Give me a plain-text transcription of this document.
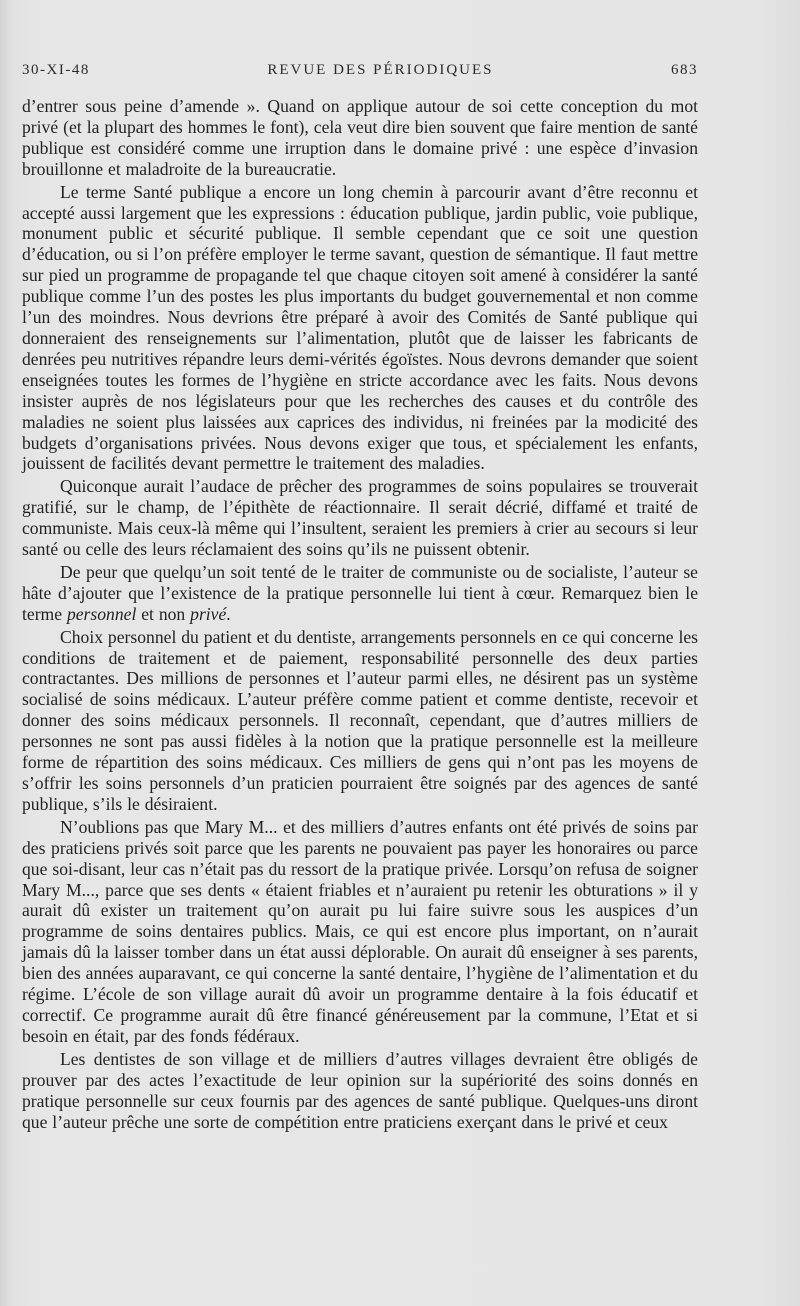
30-XI-48	REVUE DES PÉRIODIQUES	683

d’entrer sous peine d’amende ». Quand on applique autour de soi cette conception du mot privé (et la plupart des hommes le font), cela veut dire bien souvent que faire mention de santé publique est considéré comme une irruption dans le domaine privé : une espèce d’invasion brouillonne et maladroite de la bureaucratie.

Le terme Santé publique a encore un long chemin à parcourir avant d’être reconnu et accepté aussi largement que les expressions : éducation publique, jardin public, voie publique, monument public et sécurité publique. Il semble cependant que ce soit une question d’éducation, ou si l’on préfère employer le terme savant, question de sémantique. Il faut mettre sur pied un programme de propagande tel que chaque citoyen soit amené à considérer la santé publique comme l’un des postes les plus importants du budget gouvernemental et non comme l’un des moindres. Nous devrions être préparé à avoir des Comités de Santé publique qui donneraient des renseignements sur l’alimentation, plutôt que de laisser les fabricants de denrées peu nutritives répandre leurs demi-vérités égoïstes. Nous devrons demander que soient enseignées toutes les formes de l’hygiène en stricte accordance avec les faits. Nous devons insister auprès de nos législateurs pour que les recherches des causes et du contrôle des maladies ne soient plus laissées aux caprices des individus, ni freinées par la modicité des budgets d’organisations privées. Nous devons exiger que tous, et spécialement les enfants, jouissent de facilités devant permettre le traitement des maladies.

Quiconque aurait l’audace de prêcher des programmes de soins populaires se trouverait gratifié, sur le champ, de l’épithète de réactionnaire. Il serait décrié, diffamé et traité de communiste. Mais ceux-là même qui l’insultent, seraient les premiers à crier au secours si leur santé ou celle des leurs réclamaient des soins qu’ils ne puissent obtenir.

De peur que quelqu’un soit tenté de le traiter de communiste ou de socialiste, l’auteur se hâte d’ajouter que l’existence de la pratique personnelle lui tient à cœur. Remarquez bien le terme personnel et non privé.

Choix personnel du patient et du dentiste, arrangements personnels en ce qui concerne les conditions de traitement et de paiement, responsabilité personnelle des deux parties contractantes. Des millions de personnes et l’auteur parmi elles, ne désirent pas un système socialisé de soins médicaux. L’auteur préfère comme patient et comme dentiste, recevoir et donner des soins médicaux personnels. Il reconnaît, cependant, que d’autres milliers de personnes ne sont pas aussi fidèles à la notion que la pratique personnelle est la meilleure forme de répartition des soins médicaux. Ces milliers de gens qui n’ont pas les moyens de s’offrir les soins personnels d’un praticien pourraient être soignés par des agences de santé publique, s’ils le désiraient.

N’oublions pas que Mary M... et des milliers d’autres enfants ont été privés de soins par des praticiens privés soit parce que les parents ne pouvaient pas payer les honoraires ou parce que soi-disant, leur cas n’était pas du ressort de la pratique privée. Lorsqu’on refusa de soigner Mary M..., parce que ses dents « étaient friables et n’auraient pu retenir les obturations » il y aurait dû exister un traitement qu’on aurait pu lui faire suivre sous les auspices d’un programme de soins dentaires publics. Mais, ce qui est encore plus important, on n’aurait jamais dû la laisser tomber dans un état aussi déplorable. On aurait dû enseigner à ses parents, bien des années auparavant, ce qui concerne la santé dentaire, l’hygiène de l’alimentation et du régime. L’école de son village aurait dû avoir un programme dentaire à la fois éducatif et correctif. Ce programme aurait dû être financé généreusement par la commune, l’Etat et si besoin en était, par des fonds fédéraux.

Les dentistes de son village et de milliers d’autres villages devraient être obligés de prouver par des actes l’exactitude de leur opinion sur la supériorité des soins donnés en pratique personnelle sur ceux fournis par des agences de santé publique. Quelques-uns diront que l’auteur prêche une sorte de compétition entre praticiens exerçant dans le privé et ceux
